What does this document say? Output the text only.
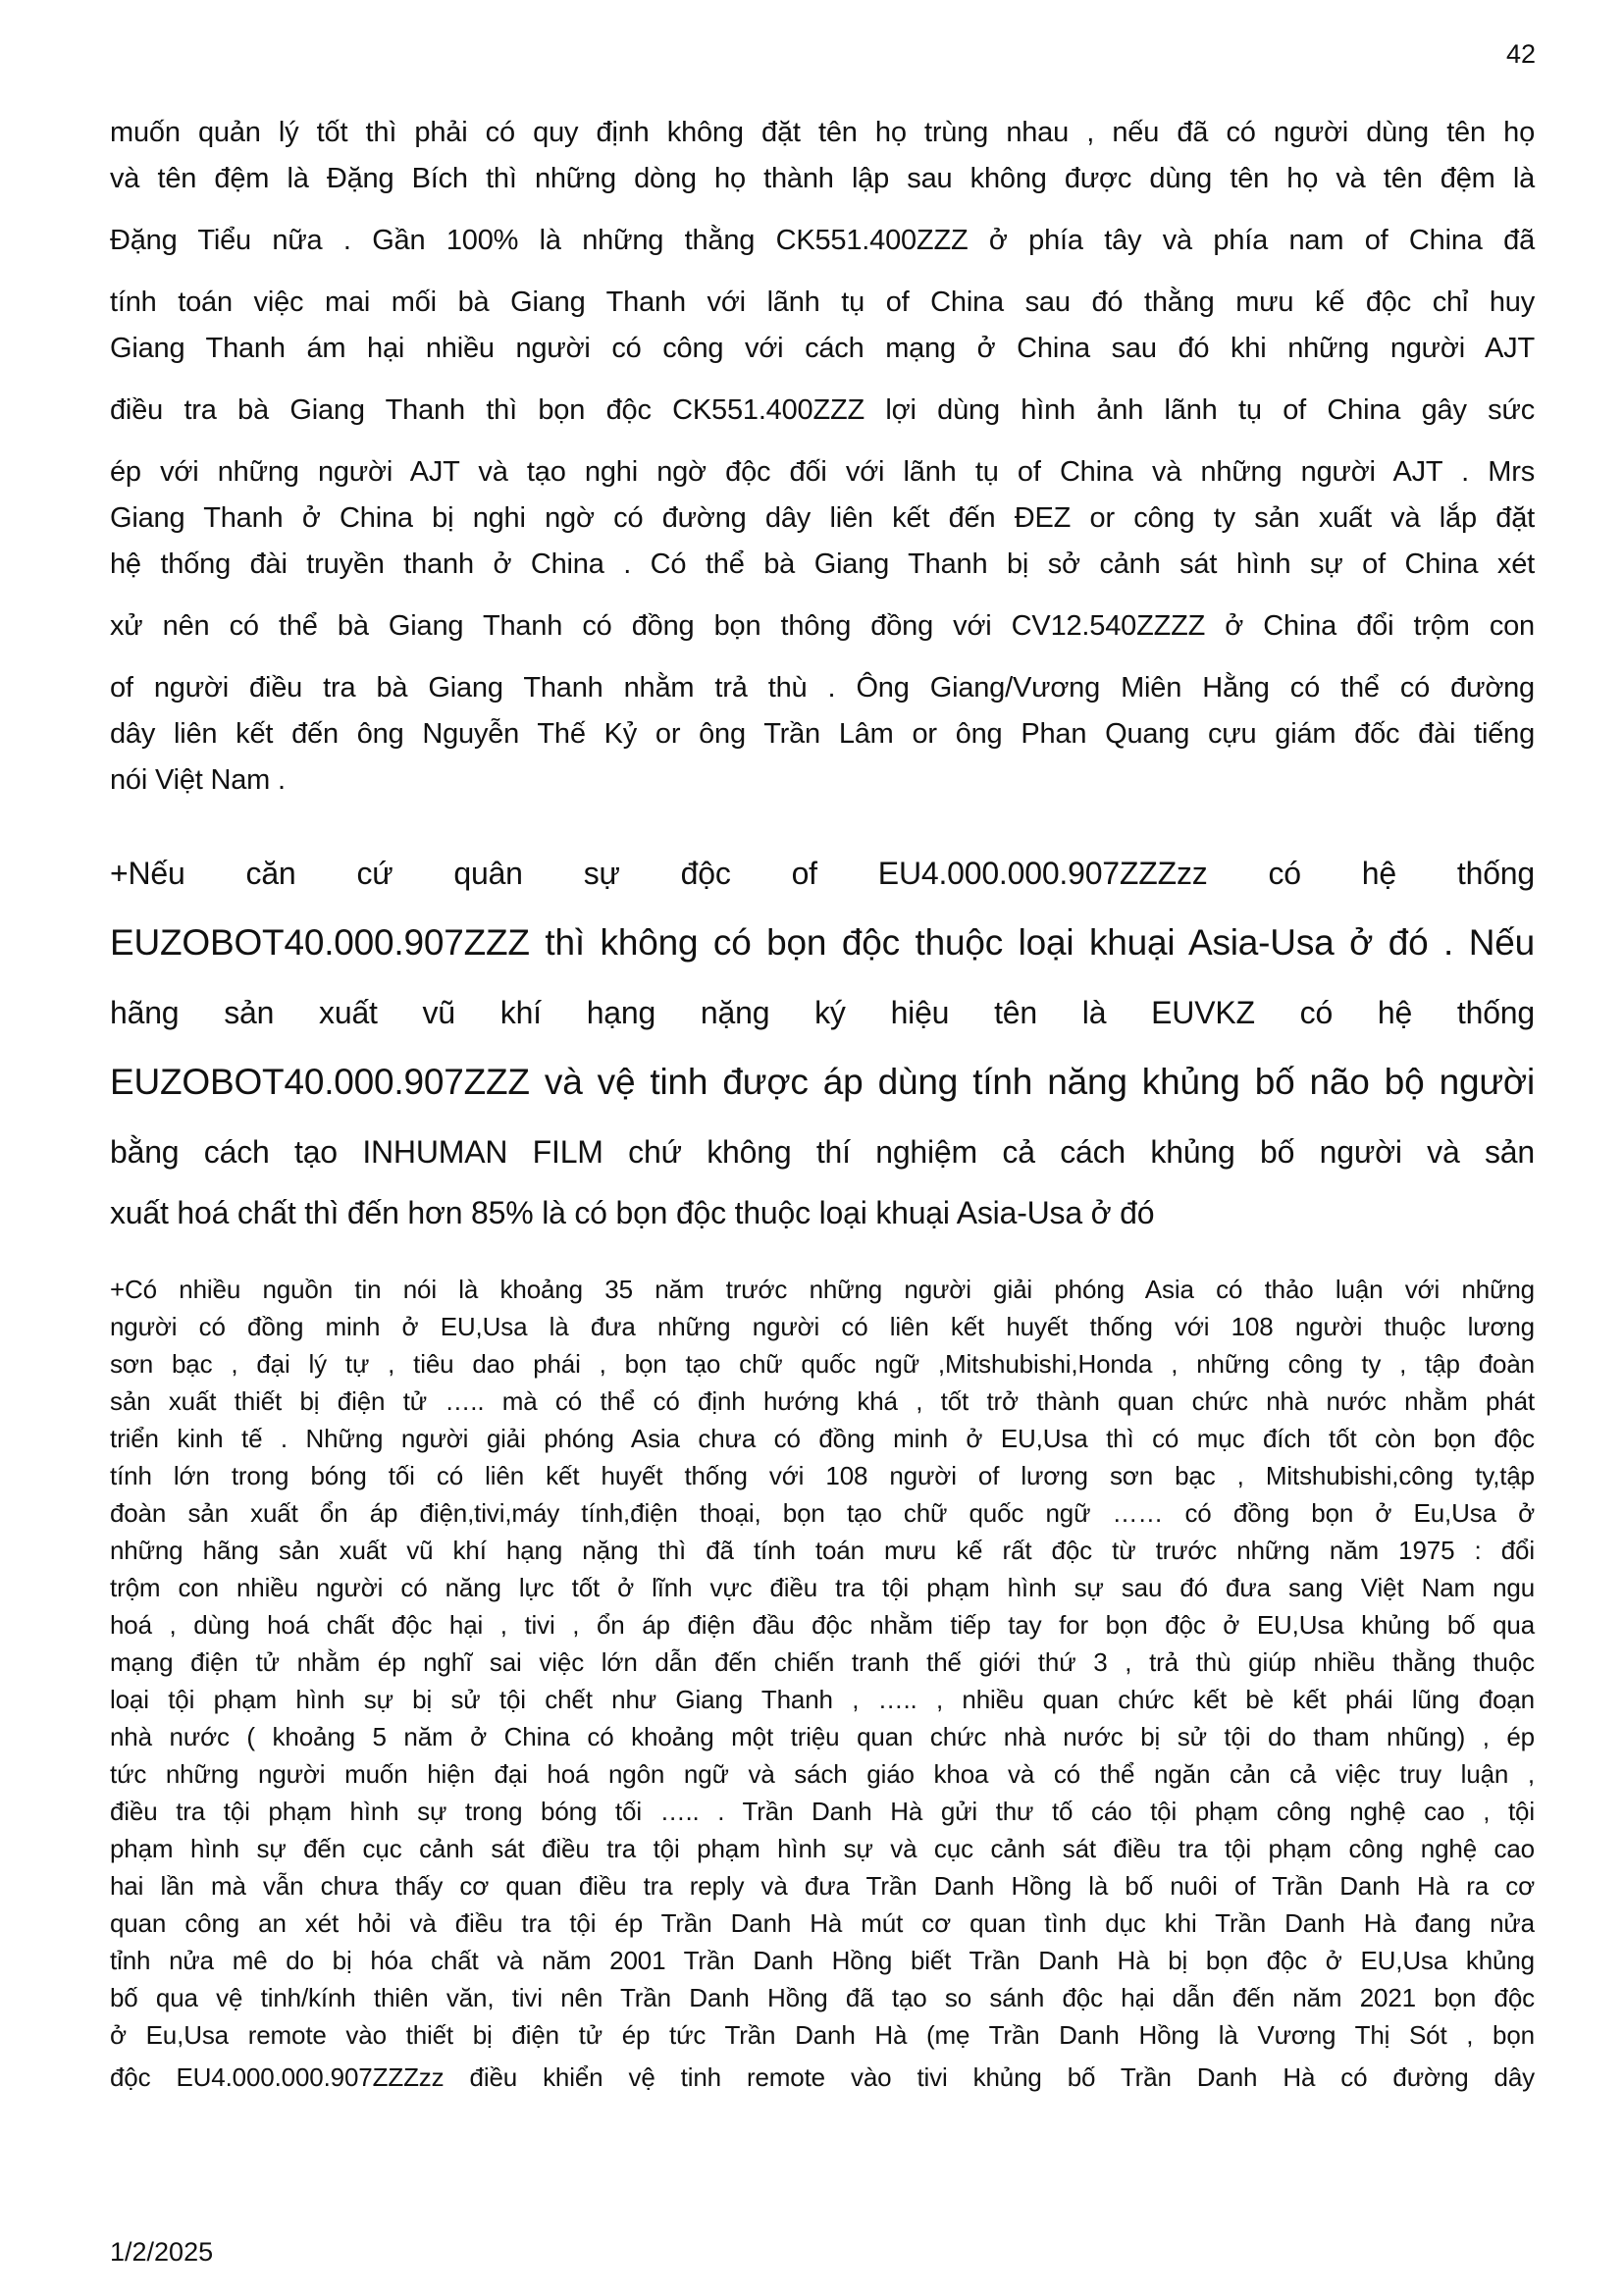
42
muốn quản lý tốt thì phải có quy định không đặt tên họ trùng nhau , nếu đã có người dùng tên họ
và tên đệm là Đặng Bích thì những dòng họ thành lập sau không được dùng tên họ và tên đệm là
Đặng Tiểu nữa . Gần 100% là những thằng CK551.400ZZZ ở phía tây và phía nam of China đã
tính toán việc mai mối bà Giang Thanh với lãnh tụ of China sau đó thằng mưu kế độc chỉ huy
Giang Thanh ám hại nhiều người có công với cách mạng ở China sau đó khi những người AJT
điều tra bà Giang Thanh thì bọn độc CK551.400ZZZ lợi dùng hình ảnh lãnh tụ of China gây sức
ép với những người AJT và tạo nghi ngờ độc đối với lãnh tụ of China và những người AJT . Mrs
Giang Thanh ở China bị nghi ngờ có đường dây liên kết đến ĐEZ or công ty sản xuất và lắp đặt
hệ thống đài truyền thanh ở China . Có thể bà Giang Thanh bị sở cảnh sát hình sự of China xét
xử nên có thể bà Giang Thanh có đồng bọn thông đồng với CV12.540ZZZZ ở China đổi trộm con
of người điều tra bà Giang Thanh nhằm trả thù . Ông Giang/Vương Miên Hằng có thể có đường
dây liên kết đến ông Nguyễn Thế Kỷ or ông Trần Lâm or ông Phan Quang cựu giám đốc đài tiếng
nói Việt Nam .
+Nếu căn cứ quân sự độc of EU4.000.000.907ZZZzz có hệ thống
EUZOBOT40.000.907ZZZ thì không có bọn độc thuộc loại khuại Asia-Usa ở đó . Nếu
hãng sản xuất vũ khí hạng nặng ký hiệu tên là EUVKZ có hệ thống
EUZOBOT40.000.907ZZZ và vệ tinh được áp dùng tính năng khủng bố não bộ người
bằng cách tạo INHUMAN FILM chứ không thí nghiệm cả cách khủng bố người và sản
xuất hoá chất thì đến hơn 85% là có bọn độc thuộc loại khuại Asia-Usa ở đó
+Có nhiều nguồn tin nói là khoảng 35 năm trước những người giải phóng Asia có thảo luận với những
người có đồng minh ở EU,Usa là đưa những người có liên kết huyết thống với 108 người thuộc lương
sơn bạc , đại lý tự , tiêu dao phái , bọn tạo chữ quốc ngữ ,Mitshubishi,Honda , những công ty , tập đoàn
sản xuất thiết bị điện tử ….. mà có thể có định hướng khá , tốt trở thành quan chức nhà nước nhằm phát
triển kinh tế . Những người giải phóng Asia chưa có đồng minh ở EU,Usa thì có mục đích tốt còn bọn độc
tính lớn trong bóng tối có liên kết huyết thống với 108 người of lương sơn bạc , Mitshubishi,công ty,tập
đoàn sản xuất ổn áp điện,tivi,máy tính,điện thoại, bọn tạo chữ quốc ngữ …… có đồng bọn ở Eu,Usa ở
những hãng sản xuất vũ khí hạng nặng thì đã tính toán mưu kế rất độc từ trước những năm 1975 : đổi
trộm con nhiều người có năng lực tốt ở lĩnh vực điều tra tội phạm hình sự sau đó đưa sang Việt Nam ngu
hoá , dùng hoá chất độc hại , tivi , ổn áp điện đầu độc nhằm tiếp tay for bọn độc ở EU,Usa khủng bố qua
mạng điện tử nhằm ép nghĩ sai việc lớn dẫn đến chiến tranh thế giới thứ 3 , trả thù giúp nhiều thằng thuộc
loại tội phạm hình sự bị sử tội chết như Giang Thanh , ….. , nhiều quan chức kết bè kết phái lũng đoạn
nhà nước ( khoảng 5 năm ở China có khoảng một triệu quan chức nhà nước bị sử tội do tham nhũng) , ép
tức những người muốn hiện đại hoá ngôn ngữ và sách giáo khoa và có thể ngăn cản cả việc truy luận ,
điều tra tội phạm hình sự trong bóng tối ….. . Trần Danh Hà gửi thư tố cáo tội phạm công nghệ cao , tội
phạm hình sự đến cục cảnh sát điều tra tội phạm hình sự và cục cảnh sát điều tra tội phạm công nghệ cao
hai lần mà vẫn chưa thấy cơ quan điều tra reply và đưa Trần Danh Hồng là bố nuôi of Trần Danh Hà ra cơ
quan công an xét hỏi và điều tra tội ép Trần Danh Hà mút cơ quan tình dục khi Trần Danh Hà đang nửa
tỉnh nửa mê do bị hóa chất và năm 2001 Trần Danh Hồng biết Trần Danh Hà bị bọn độc ở EU,Usa khủng
bố qua vệ tinh/kính thiên văn, tivi nên Trần Danh Hồng đã tạo so sánh độc hại dẫn đến năm 2021 bọn độc
ở Eu,Usa remote vào thiết bị điện tử ép tức Trần Danh Hà (mẹ Trần Danh Hồng là Vương Thị Sót , bọn
độc EU4.000.000.907ZZZzz điều khiển vệ tinh remote vào tivi khủng bố Trần Danh Hà có đường dây
1/2/2025
